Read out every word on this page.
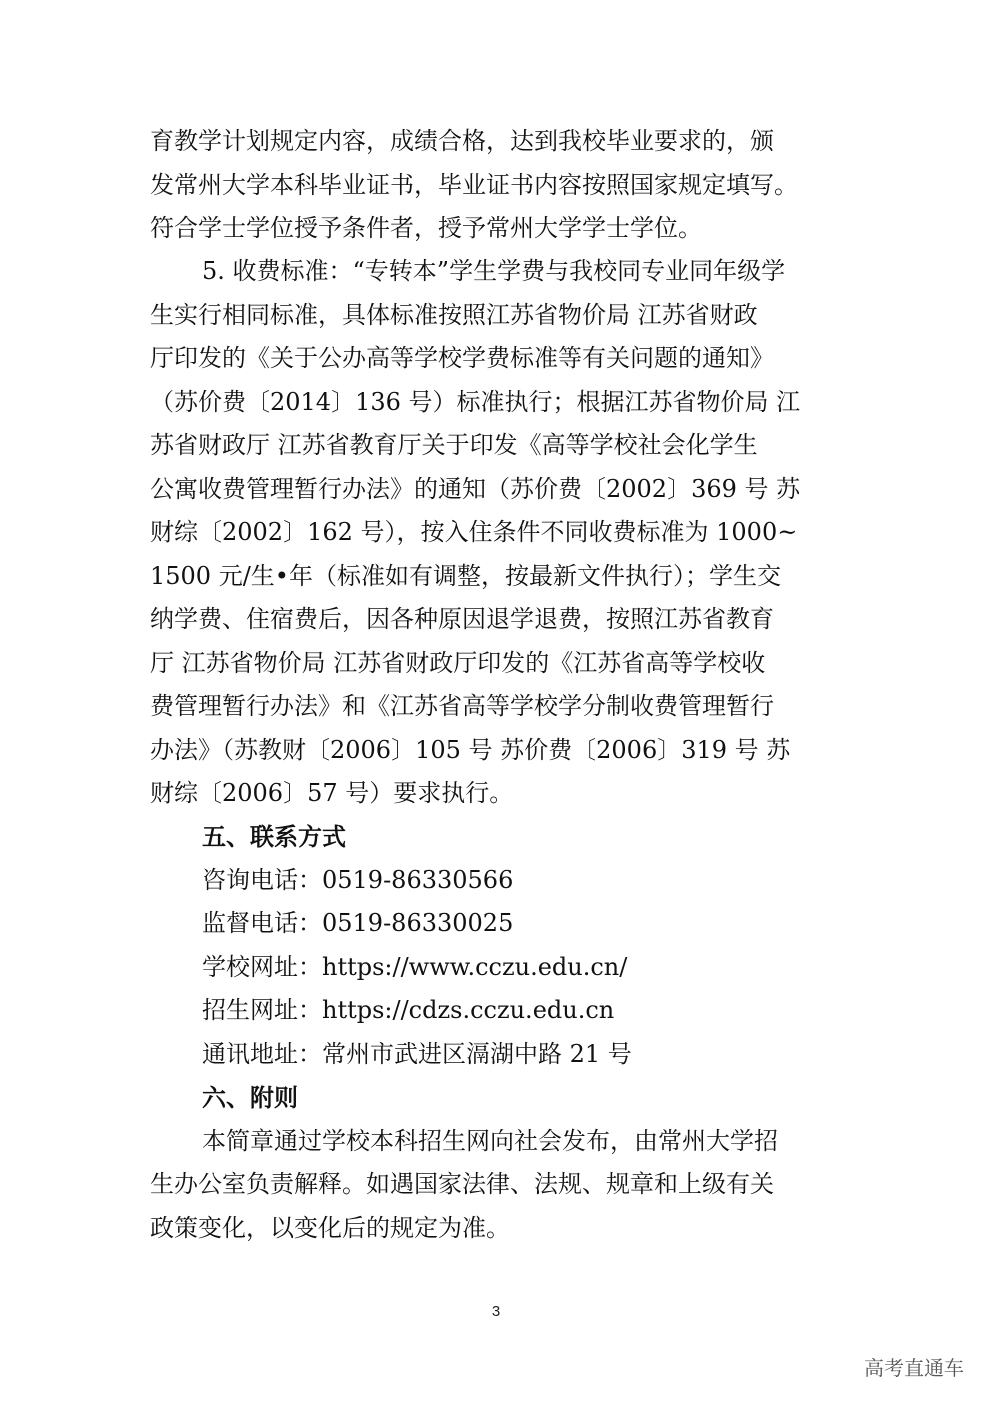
育教学计划规定内容，成绩合格，达到我校毕业要求的，颁
发常州大学本科毕业证书，毕业证书内容按照国家规定填写。
符合学士学位授予条件者，授予常州大学学士学位。
5. 收费标准：“专转本”学生学费与我校同专业同年级学
生实行相同标准，具体标准按照江苏省物价局 江苏省财政
厅印发的《关于公办高等学校学费标准等有关问题的通知》
（苏价费〔2014〕136 号）标准执行；根据江苏省物价局 江
苏省财政厅 江苏省教育厅关于印发《高等学校社会化学生
公寓收费管理暂行办法》的通知（苏价费〔2002〕369 号 苏
财综〔2002〕162 号），按入住条件不同收费标准为 1000~
1500 元/生•年（标准如有调整，按最新文件执行）；学生交
纳学费、住宿费后，因各种原因退学退费，按照江苏省教育
厅 江苏省物价局 江苏省财政厅印发的《江苏省高等学校收
费管理暂行办法》和《江苏省高等学校学分制收费管理暂行
办法》（苏教财〔2006〕105 号 苏价费〔2006〕319 号 苏
财综〔2006〕57 号）要求执行。
五、联系方式
咨询电话：0519-86330566
监督电话：0519-86330025
学校网址：https://www.cczu.edu.cn/
招生网址：https://cdzs.cczu.edu.cn
通讯地址：常州市武进区滆湖中路 21 号
六、附则
本简章通过学校本科招生网向社会发布，由常州大学招
生办公室负责解释。如遇国家法律、法规、规章和上级有关
政策变化，以变化后的规定为准。
3
高考直通车
